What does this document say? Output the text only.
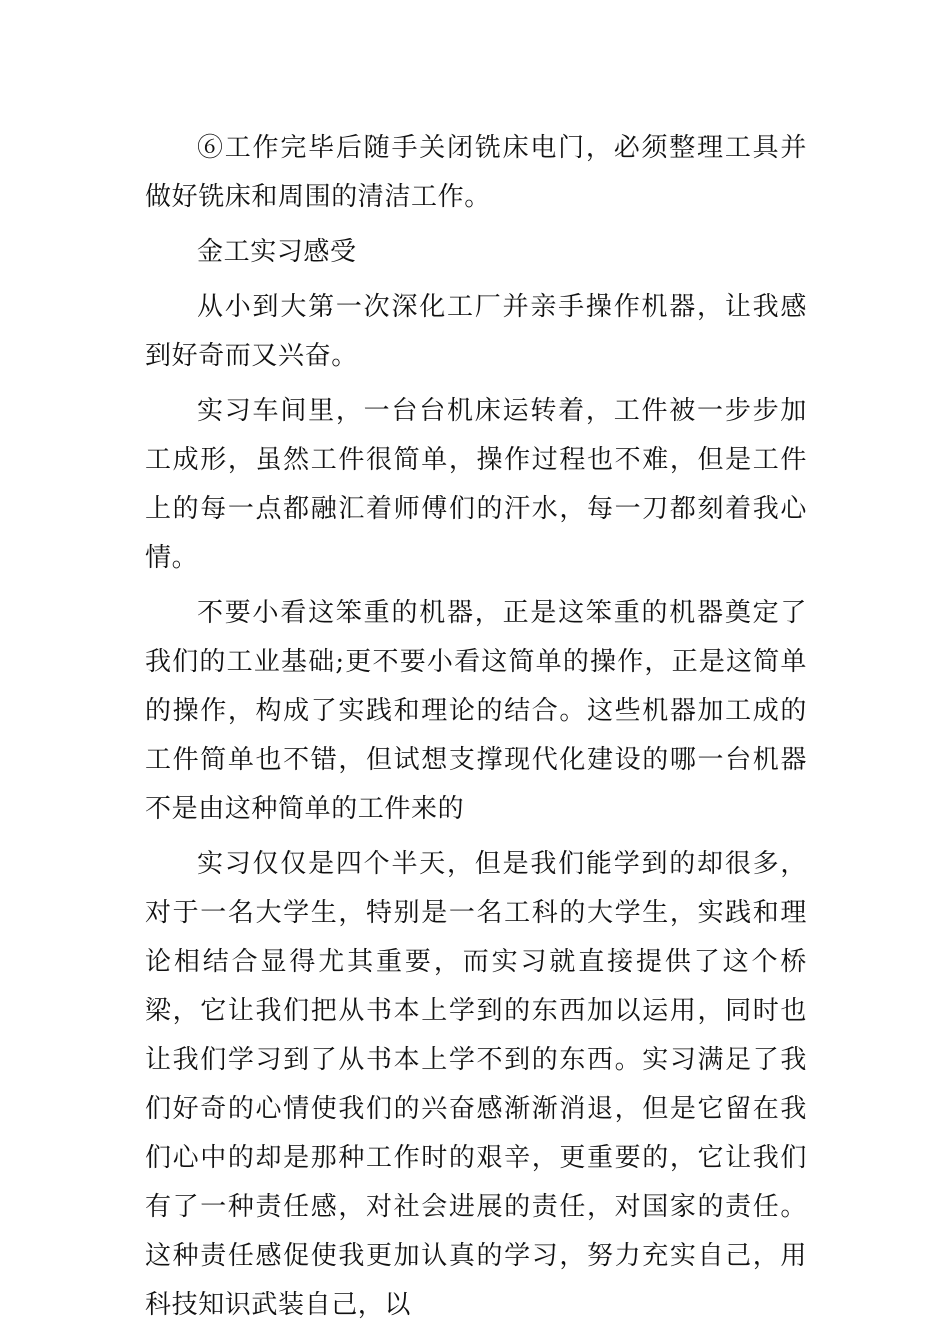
⑥工作完毕后随手关闭铣床电门，必须整理工具并做好铣床和周围的清洁工作。

金工实习感受

从小到大第一次深化工厂并亲手操作机器，让我感到好奇而又兴奋。

实习车间里，一台台机床运转着，工件被一步步加工成形，虽然工件很简单，操作过程也不难，但是工件上的每一点都融汇着师傅们的汗水，每一刀都刻着我心情。

不要小看这笨重的机器，正是这笨重的机器奠定了我们的工业基础;更不要小看这简单的操作，正是这简单的操作，构成了实践和理论的结合。这些机器加工成的工件简单也不错，但试想支撑现代化建设的哪一台机器不是由这种简单的工件来的

实习仅仅是四个半天，但是我们能学到的却很多，对于一名大学生，特别是一名工科的大学生，实践和理论相结合显得尤其重要，而实习就直接提供了这个桥梁，它让我们把从书本上学到的东西加以运用，同时也让我们学习到了从书本上学不到的东西。实习满足了我们好奇的心情使我们的兴奋感渐渐消退，但是它留在我们心中的却是那种工作时的艰辛，更重要的，它让我们有了一种责任感，对社会进展的责任，对国家的责任。这种责任感促使我更加认真的学习，努力充实自己，用科技知识武装自己，以
